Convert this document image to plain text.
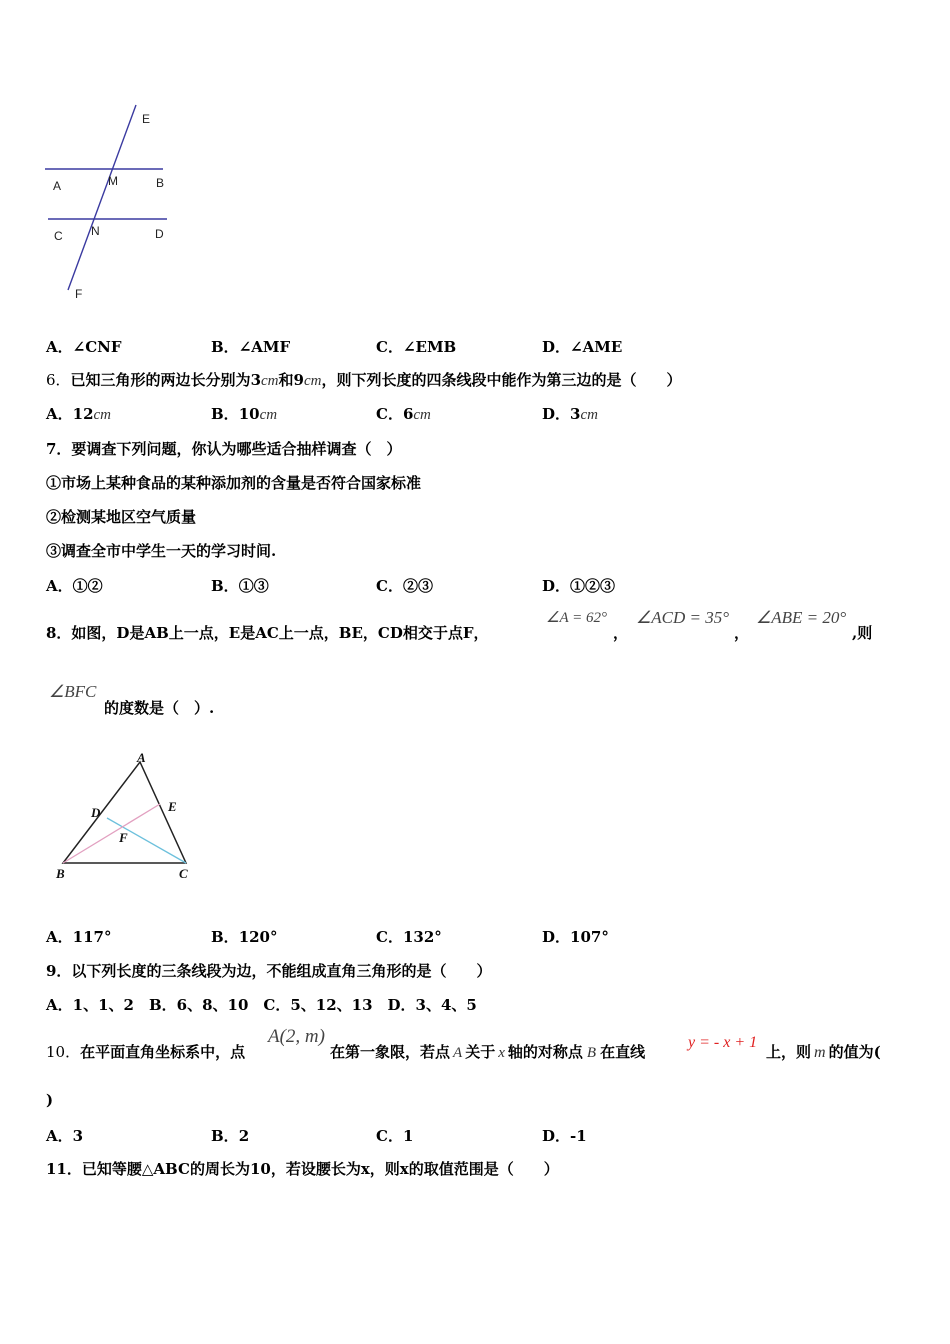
E
A	M	B
C N	D
F
A．∠CNF	B．∠AMF	C．∠EMB	D．∠AME
6．已知三角形的两边长分别为3cm和9cm，则下列长度的四条线段中能作为第三边的是（　　）
A．12cm	B．10cm	C．6cm	D．3cm
7．要调查下列问题，你认为哪些适合抽样调查（　）
①市场上某种食品的某种添加剂的含量是否符合国家标准
②检测某地区空气质量
③调查全市中学生一天的学习时间.
A．①②	B．①③	C．②③	D．①②③
8．如图，D是AB上一点，E是AC上一点，BE，CD相交于点F，
∠A = 62°
，
∠ACD = 35°
，
∠ABE = 20°
,则
∠BFC
的度数是（　）.
A
D	E
F
B	C
A．117°	B．120°	C．132°	D．107°
9．以下列长度的三条线段为边，不能组成直角三角形的是（　　）
A．1、1、2　B．6、8、10　C．5、12、13　D．3、4、5
10．在平面直角坐标系中，点
A(2, m)
在第一象限，若点 A 关于 x 轴的对称点 B 在直线
y = - x + 1
上，则 m 的值为(
)
A．3	B．2	C．1	D．-1
11．已知等腰△ABC的周长为10，若设腰长为x，则x的取值范围是（　　）
